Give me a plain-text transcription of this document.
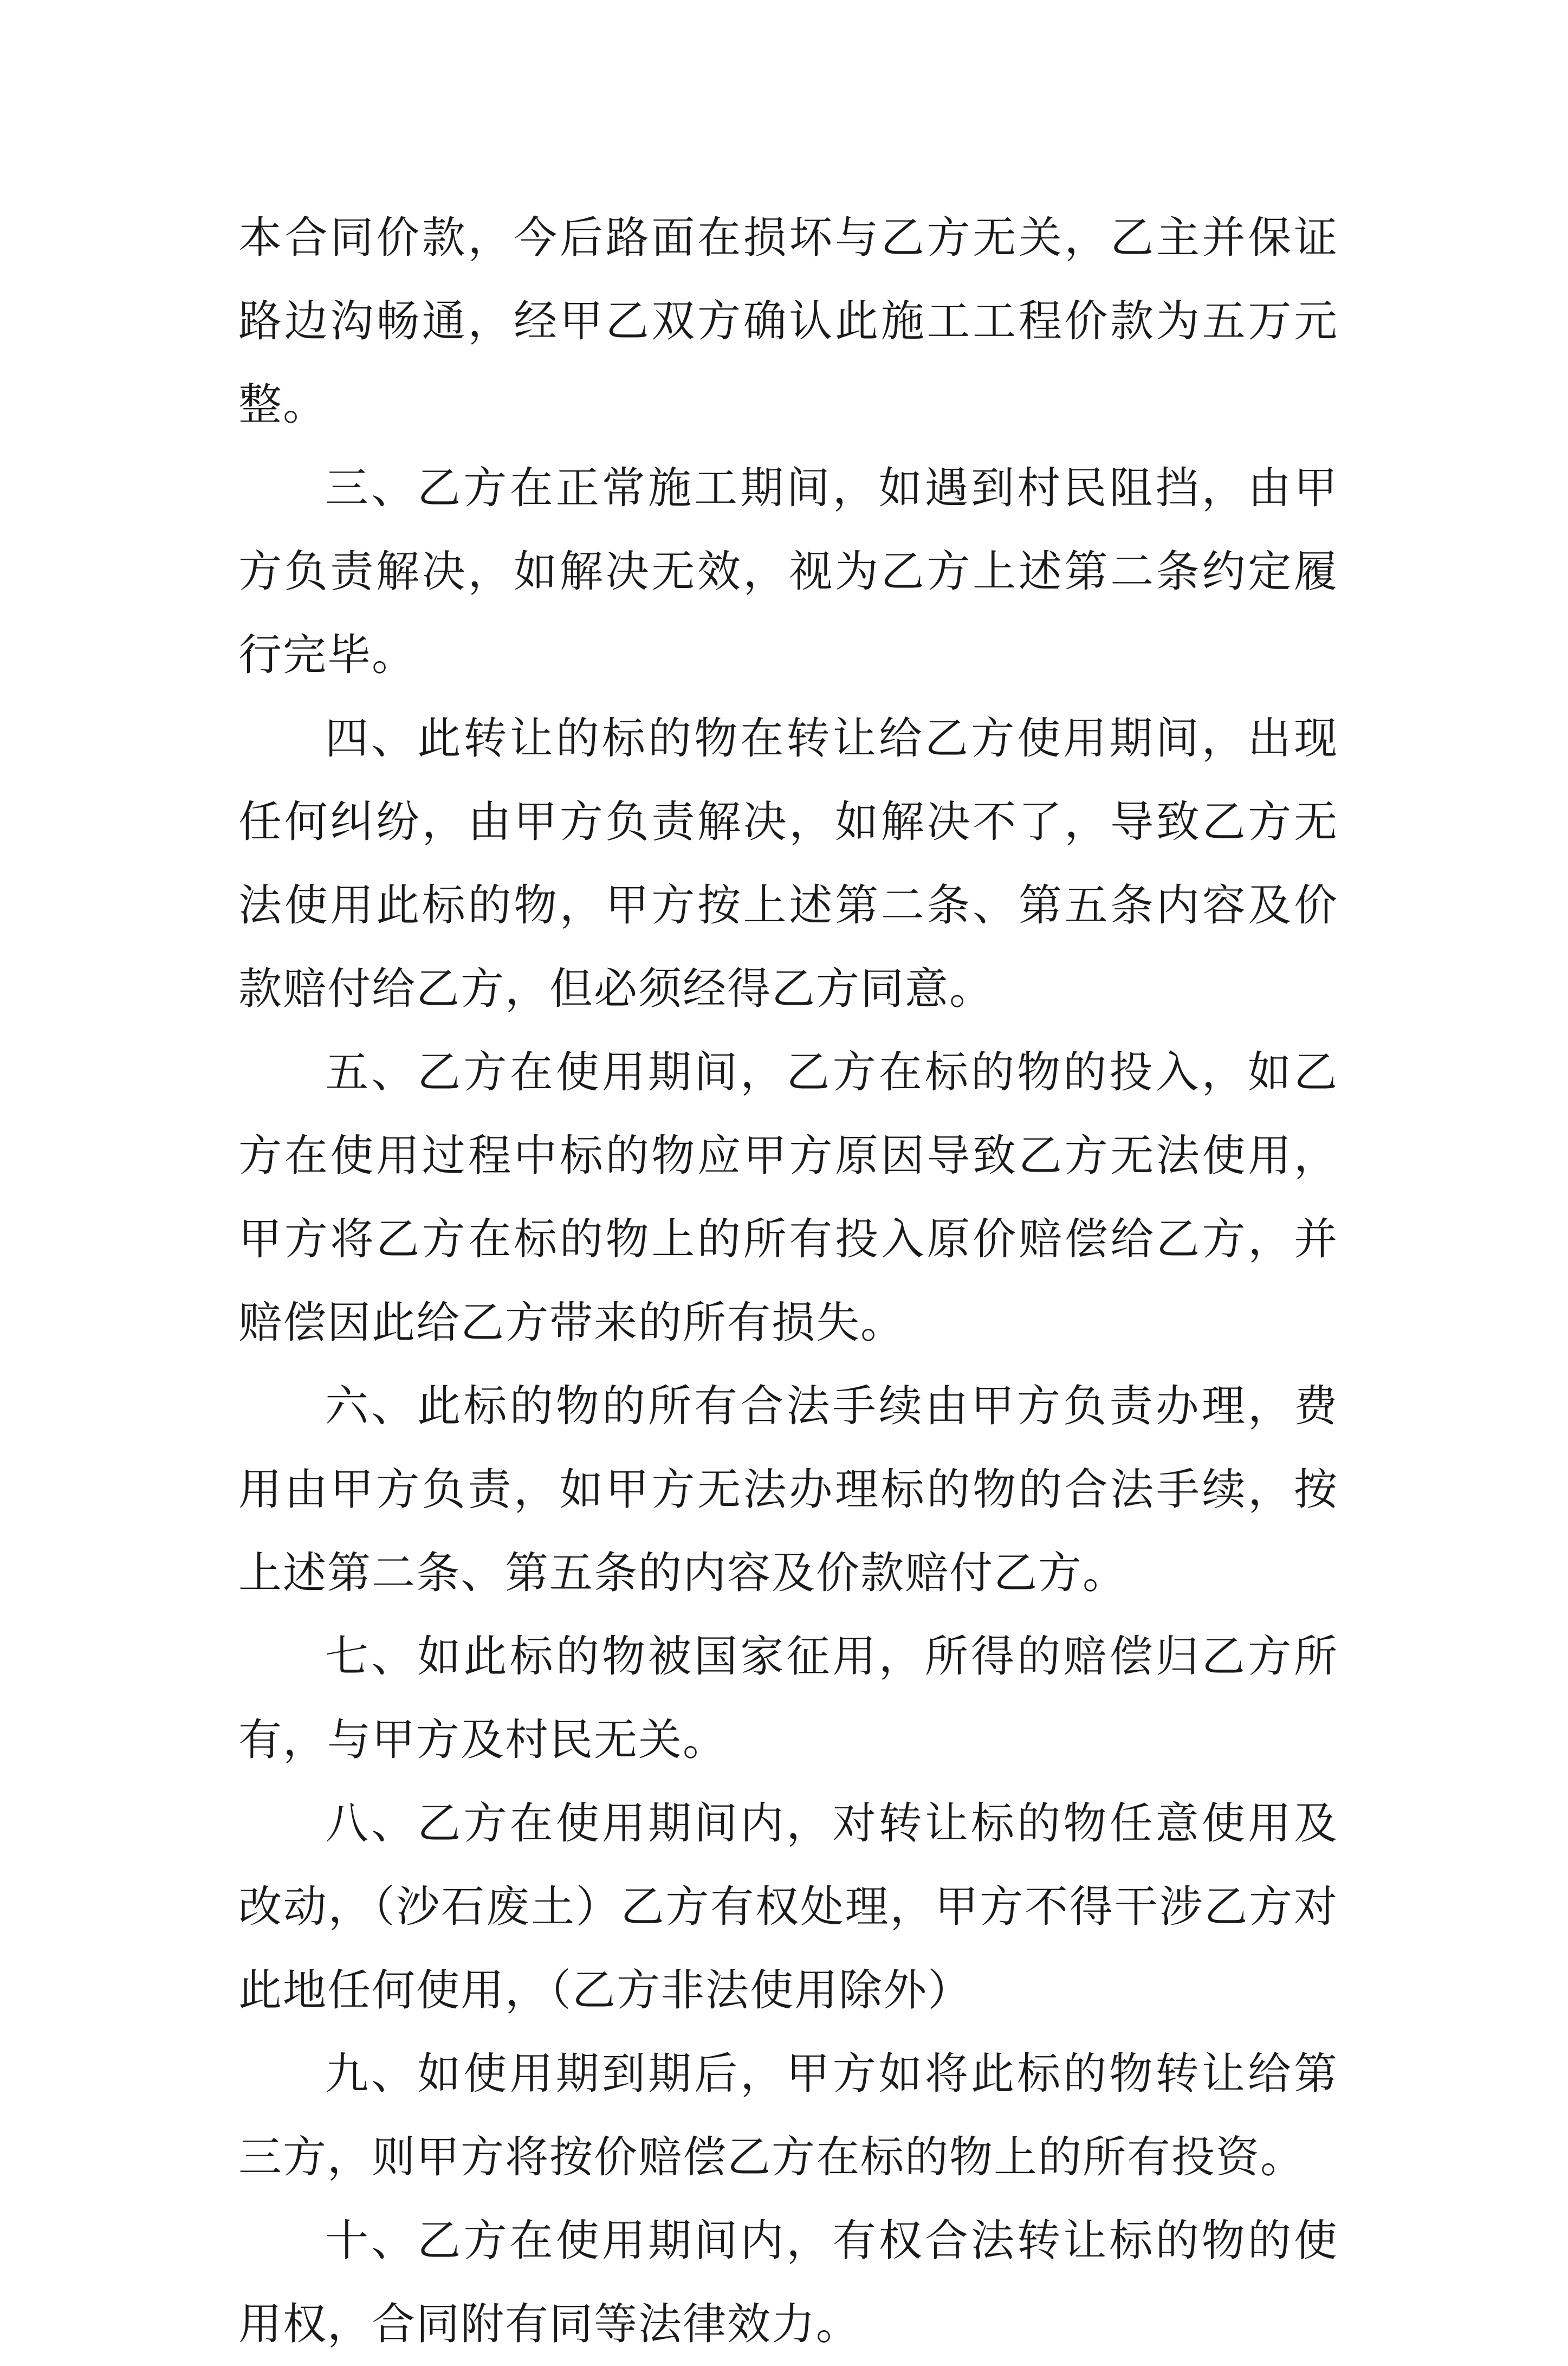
本合同价款，今后路面在损坏与乙方无关，乙主并保证路边沟畅通，经甲乙双方确认此施工工程价款为五万元整。

三、乙方在正常施工期间，如遇到村民阻挡，由甲方负责解决，如解决无效，视为乙方上述第二条约定履行完毕。

四、此转让的标的物在转让给乙方使用期间，出现任何纠纷，由甲方负责解决，如解决不了，导致乙方无法使用此标的物，甲方按上述第二条、第五条内容及价款赔付给乙方，但必须经得乙方同意。

五、乙方在使用期间，乙方在标的物的投入，如乙方在使用过程中标的物应甲方原因导致乙方无法使用，甲方将乙方在标的物上的所有投入原价赔偿给乙方，并赔偿因此给乙方带来的所有损失。

六、此标的物的所有合法手续由甲方负责办理，费用由甲方负责，如甲方无法办理标的物的合法手续，按上述第二条、第五条的内容及价款赔付乙方。

七、如此标的物被国家征用，所得的赔偿归乙方所有，与甲方及村民无关。

八、乙方在使用期间内，对转让标的物任意使用及改动，（沙石废土）乙方有权处理，甲方不得干涉乙方对此地任何使用，（乙方非法使用除外）

九、如使用期到期后，甲方如将此标的物转让给第三方，则甲方将按价赔偿乙方在标的物上的所有投资。

十、乙方在使用期间内，有权合法转让标的物的使用权，合同附有同等法律效力。
